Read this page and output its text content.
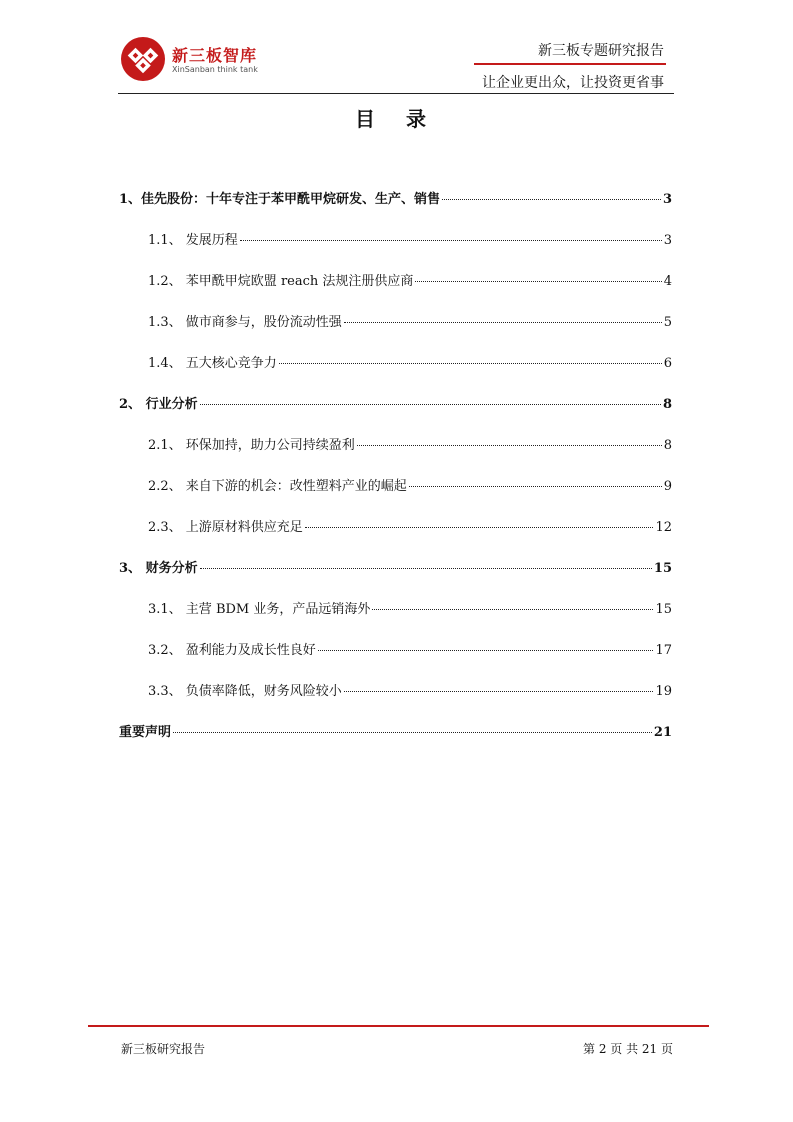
新三板智库
XinSanban think tank
新三板专题研究报告
让企业更出众，让投资更省事
目 录
1、佳先股份：十年专注于苯甲酰甲烷研发、生产、销售	3
1.1、 发展历程	3
1.2、 苯甲酰甲烷欧盟 reach 法规注册供应商	4
1.3、 做市商参与，股份流动性强	5
1.4、 五大核心竞争力	6
2、 行业分析	8
2.1、 环保加持，助力公司持续盈利	8
2.2、 来自下游的机会：改性塑料产业的崛起	9
2.3、 上游原材料供应充足	12
3、 财务分析	15
3.1、 主营 BDM 业务，产品远销海外	15
3.2、 盈利能力及成长性良好	17
3.3、 负债率降低，财务风险较小	19
重要声明	21
新三板研究报告	第 2 页 共 21 页
